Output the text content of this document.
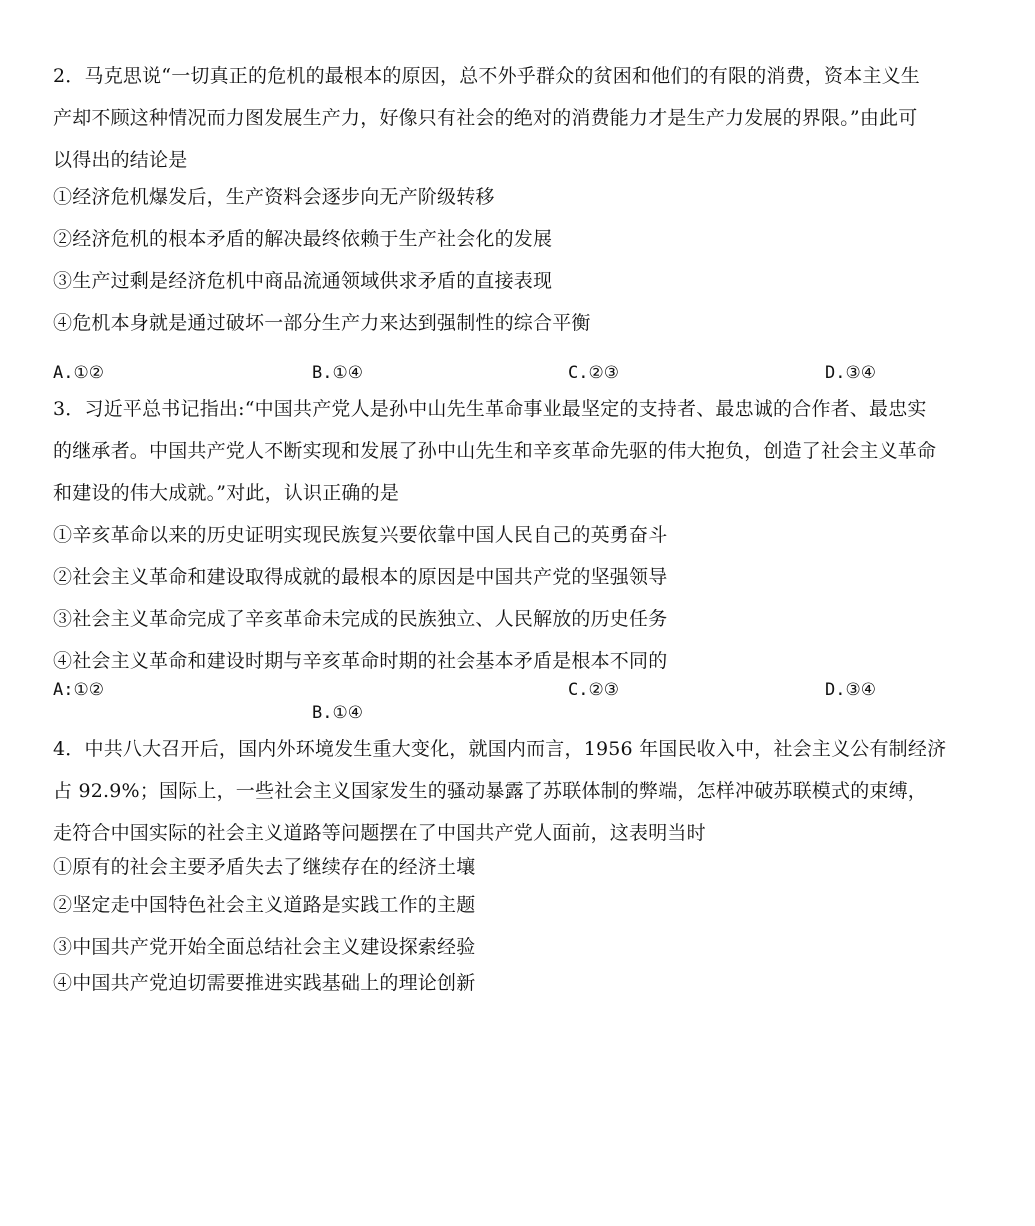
2．马克思说“一切真正的危机的最根本的原因，总不外乎群众的贫困和他们的有限的消费，资本主义生
产却不顾这种情况而力图发展生产力，好像只有社会的绝对的消费能力才是生产力发展的界限。”由此可
以得出的结论是
①经济危机爆发后，生产资料会逐步向无产阶级转移
②经济危机的根本矛盾的解决最终依赖于生产社会化的发展
③生产过剩是经济危机中商品流通领域供求矛盾的直接表现
④危机本身就是通过破坏一部分生产力来达到强制性的综合平衡
A.①②	B.①④	C.②③	D.③④
3．习近平总书记指出:“中国共产党人是孙中山先生革命事业最坚定的支持者、最忠诚的合作者、最忠实
的继承者。中国共产党人不断实现和发展了孙中山先生和辛亥革命先驱的伟大抱负，创造了社会主义革命
和建设的伟大成就。”对此，认识正确的是
①辛亥革命以来的历史证明实现民族复兴要依靠中国人民自己的英勇奋斗
②社会主义革命和建设取得成就的最根本的原因是中国共产党的坚强领导
③社会主义革命完成了辛亥革命未完成的民族独立、人民解放的历史任务
④社会主义革命和建设时期与辛亥革命时期的社会基本矛盾是根本不同的
A:①②
B.①④
C.②③	D.③④
4．中共八大召开后，国内外环境发生重大变化，就国内而言，1956 年国民收入中，社会主义公有制经济
占 92.9%；国际上，一些社会主义国家发生的骚动暴露了苏联体制的弊端，怎样冲破苏联模式的束缚，
走符合中国实际的社会主义道路等问题摆在了中国共产党人面前，这表明当时
①原有的社会主要矛盾失去了继续存在的经济土壤
②坚定走中国特色社会主义道路是实践工作的主题
③中国共产党开始全面总结社会主义建设探索经验
④中国共产党迫切需要推进实践基础上的理论创新
